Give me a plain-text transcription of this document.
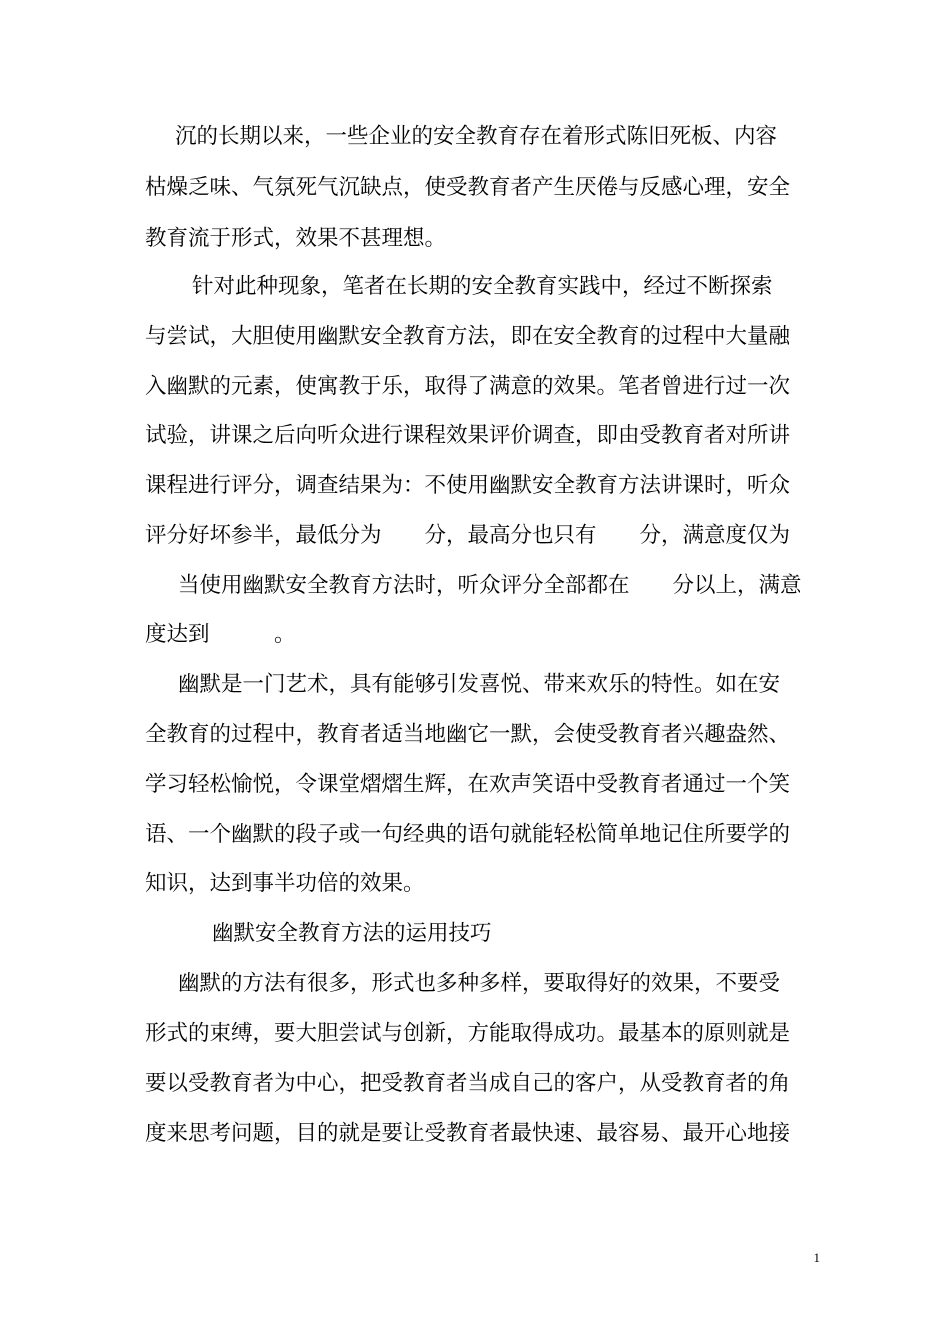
沉的长期以来，一些企业的安全教育存在着形式陈旧死板、内容
枯燥乏味、气氛死气沉缺点，使受教育者产生厌倦与反感心理，安全
教育流于形式，效果不甚理想。
针对此种现象，笔者在长期的安全教育实践中，经过不断探索
与尝试，大胆使用幽默安全教育方法，即在安全教育的过程中大量融
入幽默的元素，使寓教于乐，取得了满意的效果。笔者曾进行过一次
试验，讲课之后向听众进行课程效果评价调查，即由受教育者对所讲
课程进行评分，调查结果为：不使用幽默安全教育方法讲课时，听众
评分好坏参半，最低分为　　分，最高分也只有　　分，满意度仅为
当使用幽默安全教育方法时，听众评分全部都在　　分以上，满意
度达到　　　。
幽默是一门艺术，具有能够引发喜悦、带来欢乐的特性。如在安
全教育的过程中，教育者适当地幽它一默，会使受教育者兴趣盎然、
学习轻松愉悦，令课堂熠熠生辉，在欢声笑语中受教育者通过一个笑
语、一个幽默的段子或一句经典的语句就能轻松简单地记住所要学的
知识，达到事半功倍的效果。
幽默安全教育方法的运用技巧
幽默的方法有很多，形式也多种多样，要取得好的效果，不要受
形式的束缚，要大胆尝试与创新，方能取得成功。最基本的原则就是
要以受教育者为中心，把受教育者当成自己的客户，从受教育者的角
度来思考问题，目的就是要让受教育者最快速、最容易、最开心地接
1
